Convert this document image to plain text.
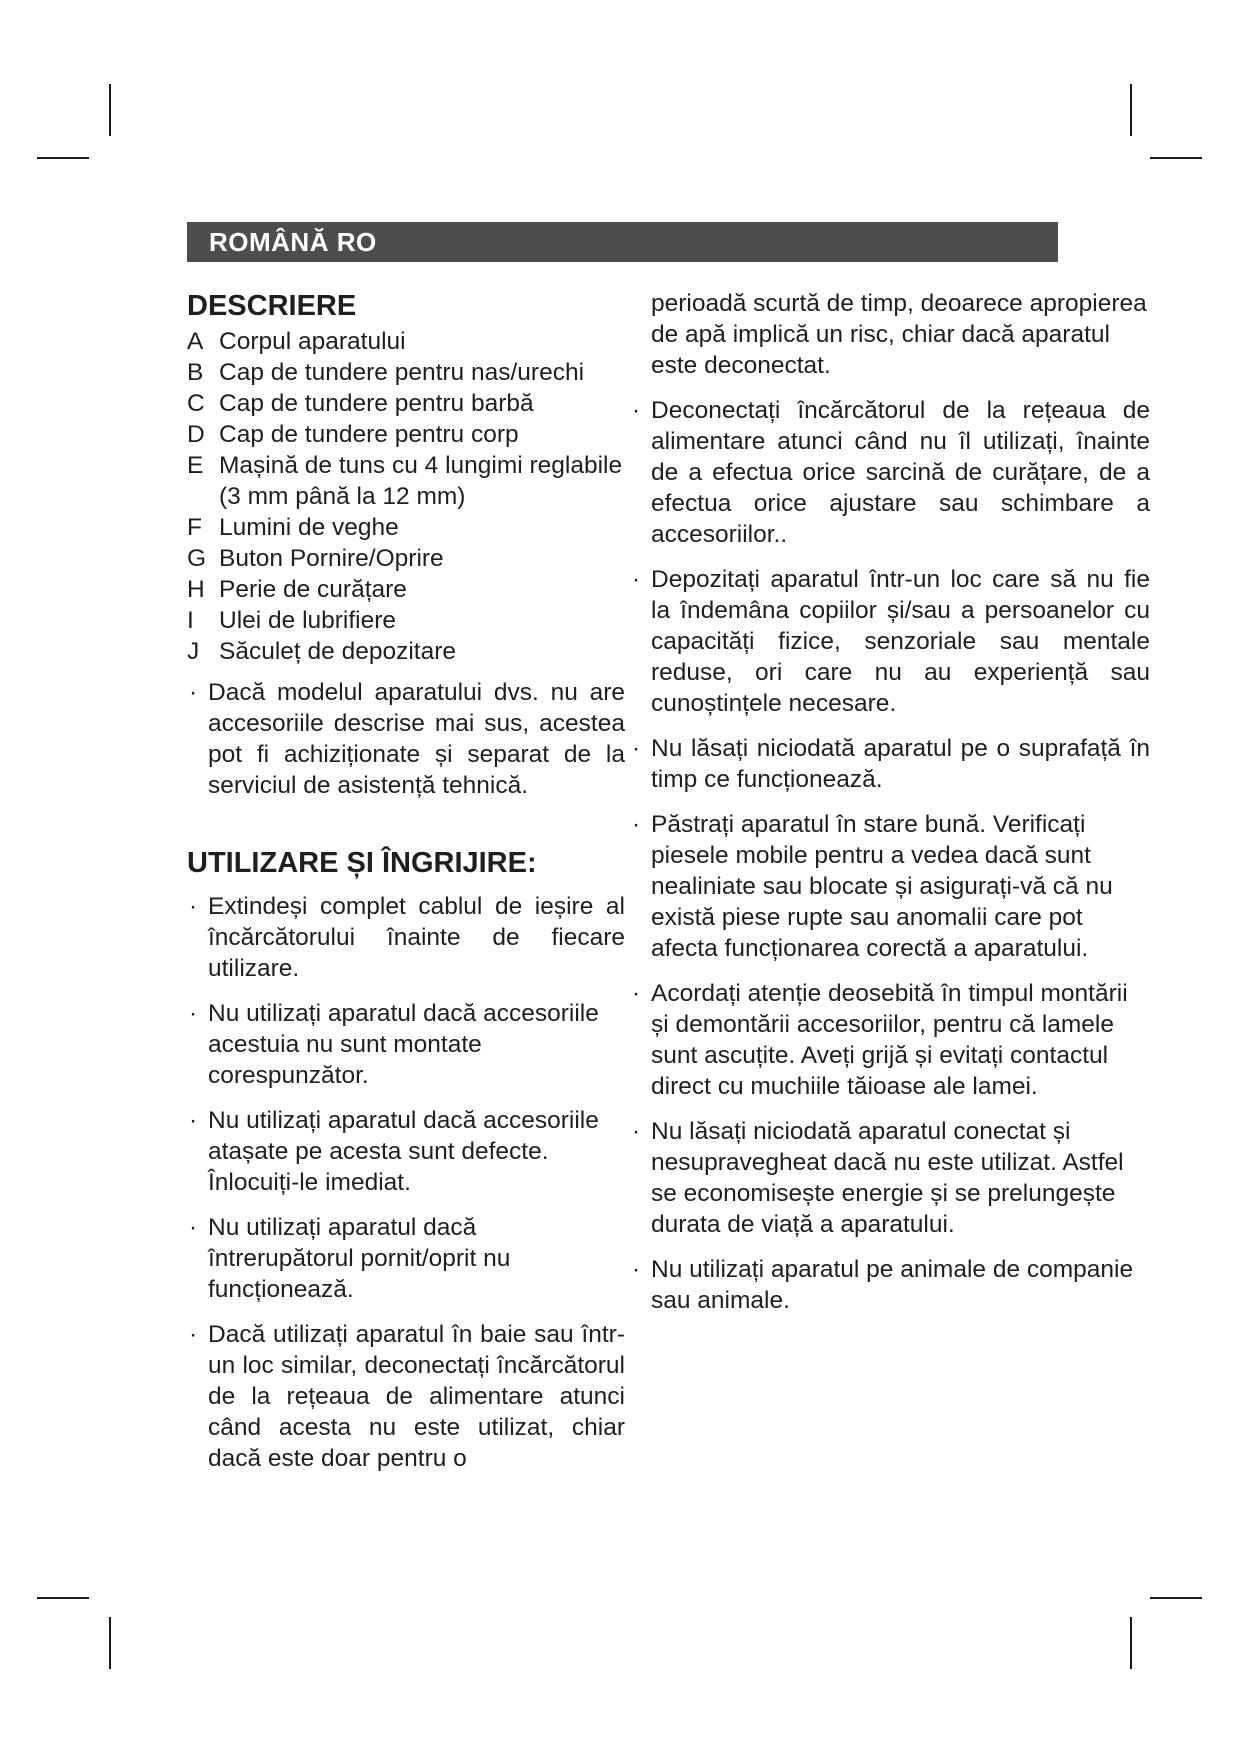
ROMÂNĂ RO
DESCRIERE
A Corpul aparatului
B Cap de tundere pentru nas/urechi
C Cap de tundere pentru barbă
D Cap de tundere pentru corp
E Mașină de tuns cu 4 lungimi reglabile (3 mm până la 12 mm)
F Lumini de veghe
G Buton Pornire/Oprire
H Perie de curățare
I	Ulei de lubrifiere
J Săculeț de depozitare
· Dacă modelul aparatului dvs. nu are accesoriile descrise mai sus, acestea pot fi achiziționate și separat de la serviciul de asistență tehnică.
UTILIZARE ȘI ÎNGRIJIRE:
· Extindeși complet cablul de ieșire al încărcătorului înainte de fiecare utilizare.
· Nu utilizați aparatul dacă accesoriile acestuia nu sunt montate corespunzător.
· Nu utilizați aparatul dacă accesoriile atașate pe acesta sunt defecte. Înlocuiți-le imediat.
· Nu utilizați aparatul dacă întrerupătorul pornit/oprit nu funcționează.
· Dacă utilizați aparatul în baie sau într-un loc similar, deconectați încărcătorul de la rețeaua de alimentare atunci când acesta nu este utilizat, chiar dacă este doar pentru o
perioadă scurtă de timp, deoarece apropierea de apă implică un risc, chiar dacă aparatul este deconectat.
· Deconectați încărcătorul de la rețeaua de alimentare atunci când nu îl utilizați, înainte de a efectua orice sarcină de curățare, de a efectua orice ajustare sau schimbare a accesoriilor..
· Depozitați aparatul într-un loc care să nu fie la îndemâna copiilor și/sau a persoanelor cu capacități fizice, senzoriale sau mentale reduse, ori care nu au experiență sau cunoștințele necesare.
· Nu lăsați niciodată aparatul pe o suprafață în timp ce funcționează.
· Păstrați aparatul în stare bună. Verificați piesele mobile pentru a vedea dacă sunt nealiniate sau blocate și asigurați-vă că nu există piese rupte sau anomalii care pot afecta funcționarea corectă a aparatului.
· Acordați atenție deosebită în timpul montării și demontării accesoriilor, pentru că lamele sunt ascuțite. Aveți grijă și evitați contactul direct cu muchiile tăioase ale lamei.
· Nu lăsați niciodată aparatul conectat și nesupravegheat dacă nu este utilizat. Astfel se economisește energie și se prelungește durata de viață a aparatului.
· Nu utilizați aparatul pe animale de companie sau animale.
